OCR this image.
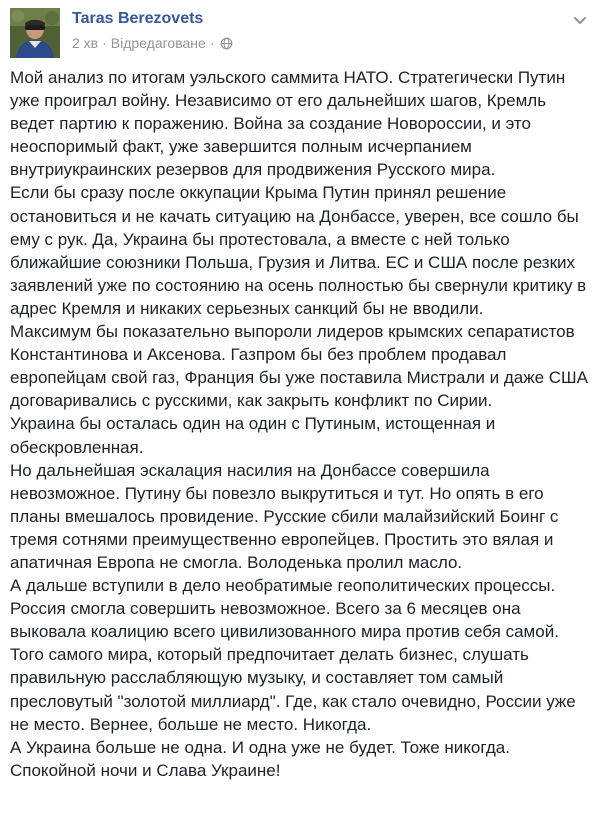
Taras Berezovets
2 хв · Відредаговане ·

Мой анализ по итогам уэльского саммита НАТО. Стратегически Путин уже проиграл войну. Независимо от его дальнейших шагов, Кремль ведет партию к поражению. Война за создание Новороссии, и это неоспоримый факт, уже завершится полным исчерпанием внутриукраинских резервов для продвижения Русского мира.

Если бы сразу после оккупации Крыма Путин принял решение остановиться и не качать ситуацию на Донбассе, уверен, все сошло бы ему с рук. Да, Украина бы протестовала, а вместе с ней только ближайшие союзники Польша, Грузия и Литва. ЕС и США после резких заявлений уже по состоянию на осень полностью бы свернули критику в адрес Кремля и никаких серьезных санкций бы не вводили.

Максимум бы показательно выпороли лидеров крымских сепаратистов Константинова и Аксенова. Газпром бы без проблем продавал европейцам свой газ, Франция бы уже поставила Мистрали и даже США договаривались с русскими, как закрыть конфликт по Сирии.

Украина бы осталась один на один с Путиным, истощенная и обескровленная.

Но дальнейшая эскалация насилия на Донбассе совершила невозможное. Путину бы повезло выкрутиться и тут. Но опять в его планы вмешалось провидение. Русские сбили малайзийский Боинг с тремя сотнями преимущественно европейцев. Простить это вялая и апатичная Европа не смогла. Володенька пролил масло.

А дальше вступили в дело необратимые геополитических процессы. Россия смогла совершить невозможное. Всего за 6 месяцев она выковала коалицию всего цивилизованного мира против себя самой. Того самого мира, который предпочитает делать бизнес, слушать правильную расслабляющую музыку, и составляет том самый пресловутый "золотой миллиард". Где, как стало очевидно, России уже не место. Вернее, больше не место. Никогда.

А Украина больше не одна. И одна уже не будет. Тоже никогда.

Спокойной ночи и Слава Украине!
